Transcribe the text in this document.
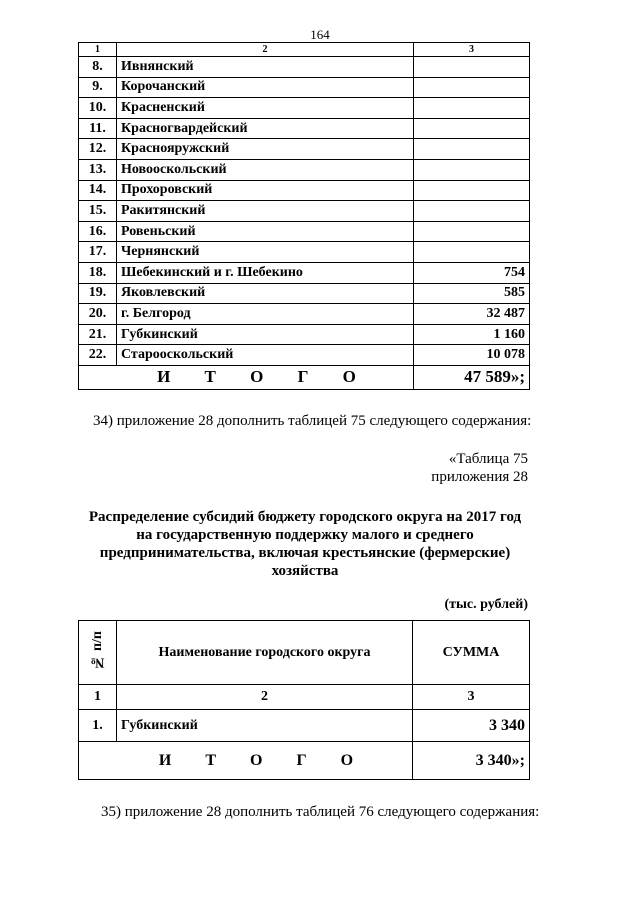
164
1	2	3
8.	Ивнянский	
9.	Корочанский	
10.	Красненский	
11.	Красногвардейский	
12.	Краснояружский	
13.	Новооскольский	
14.	Прохоровский	
15.	Ракитянский	
16.	Ровеньский	
17.	Чернянский	
18.	Шебекинский и г. Шебекино	754
19.	Яковлевский	585
20.	г. Белгород	32 487
21.	Губкинский	1 160
22.	Старооскольский	10 078
И Т О Г О		47 589»;
34) приложение 28 дополнить таблицей 75 следующего содержания:
«Таблица 75
приложения 28
Распределение субсидий бюджету городского округа на 2017 год
на государственную поддержку малого и среднего
предпринимательства, включая крестьянские (фермерские)
хозяйства
(тыс. рублей)
№ п/п	Наименование городского округа	СУММА
1	2	3
1.	Губкинский	3 340
И Т О Г О		3 340»;
35) приложение 28 дополнить таблицей 76 следующего содержания:
